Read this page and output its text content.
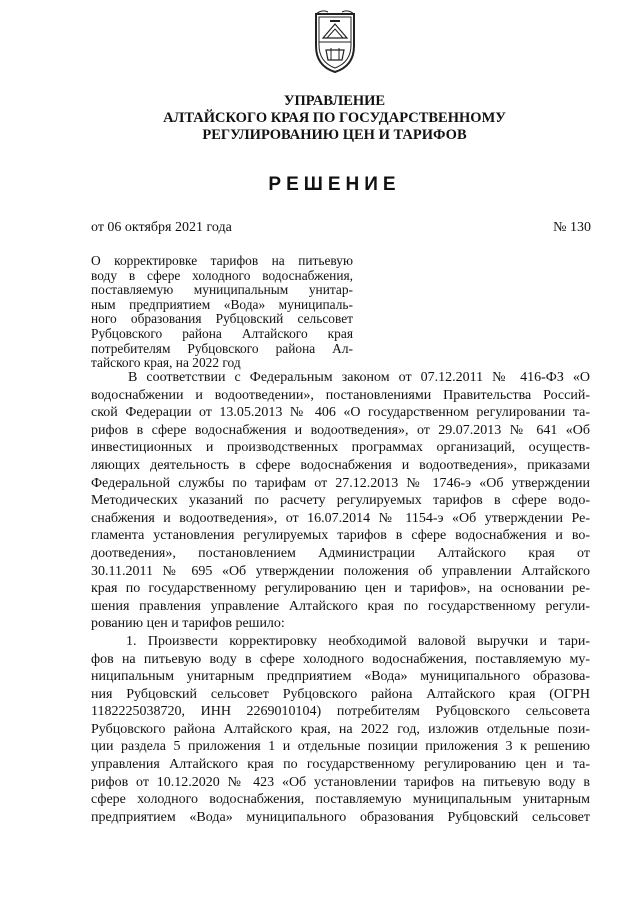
УПРАВЛЕНИЕ
АЛТАЙСКОГО КРАЯ ПО ГОСУДАРСТВЕННОМУ
РЕГУЛИРОВАНИЮ ЦЕН И ТАРИФОВ
РЕШЕНИЕ
от 06 октября 2021 года	№ 130
О корректировке тарифов на питьевую
воду в сфере холодного водоснабжения,
поставляемую муниципальным унитар-
ным предприятием «Вода» муниципаль-
ного образования Рубцовский сельсовет
Рубцовского района Алтайского края
потребителям Рубцовского района Ал-
тайского края, на 2022 год
В соответствии с Федеральным законом от 07.12.2011 № 416-ФЗ «О
водоснабжении и водоотведении», постановлениями Правительства Россий-
ской Федерации от 13.05.2013 № 406 «О государственном регулировании та-
рифов в сфере водоснабжения и водоотведения», от 29.07.2013 № 641 «Об
инвестиционных и производственных программах организаций, осуществ-
ляющих деятельность в сфере водоснабжения и водоотведения», приказами
Федеральной службы по тарифам от 27.12.2013 № 1746-э «Об утверждении
Методических указаний по расчету регулируемых тарифов в сфере водо-
снабжения и водоотведения», от 16.07.2014 № 1154-э «Об утверждении Ре-
гламента установления регулируемых тарифов в сфере водоснабжения и во-
доотведения», постановлением Администрации Алтайского края от
30.11.2011 № 695 «Об утверждении положения об управлении Алтайского
края по государственному регулированию цен и тарифов», на основании ре-
шения правления управление Алтайского края по государственному регули-
рованию цен и тарифов решило:
1. Произвести корректировку необходимой валовой выручки и тари-
фов на питьевую воду в сфере холодного водоснабжения, поставляемую му-
ниципальным унитарным предприятием «Вода» муниципального образова-
ния Рубцовский сельсовет Рубцовского района Алтайского края (ОГРН
1182225038720, ИНН 2269010104) потребителям Рубцовского сельсовета
Рубцовского района Алтайского края, на 2022 год, изложив отдельные пози-
ции раздела 5 приложения 1 и отдельные позиции приложения 3 к решению
управления Алтайского края по государственному регулированию цен и та-
рифов от 10.12.2020 № 423 «Об установлении тарифов на питьевую воду в
сфере холодного водоснабжения, поставляемую муниципальным унитарным
предприятием «Вода» муниципального образования Рубцовский сельсовет
